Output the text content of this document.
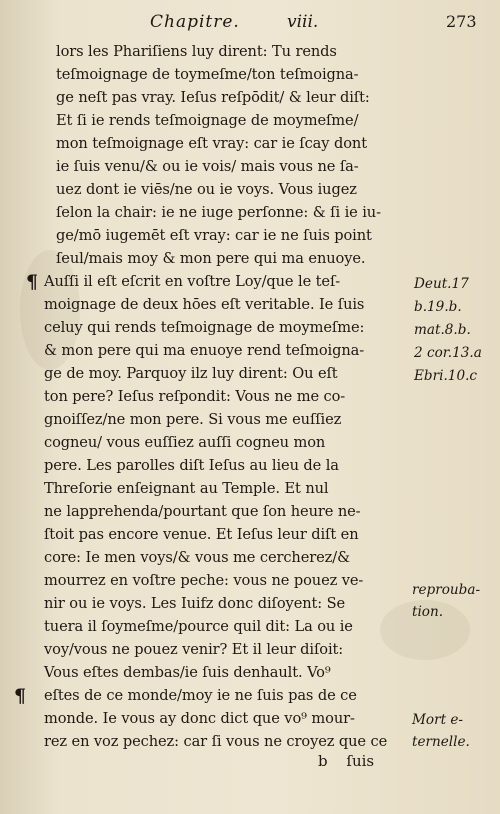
Chapitre.	viii.	273
lors les Phariſiens luy dirent: Tu rends
teſmoignage de toymeſme/ton teſmoigna-
ge neſt pas vray. Ieſus reſpōdit/ & leur diſt:
Et ſi ie rends teſmoignage de moymeſme/
mon teſmoignage eſt vray: car ie ſcay dont
ie ſuis venu/& ou ie vois/ mais vous ne ſa-
uez dont ie viēs/ne ou ie voys. Vous iugez
ſelon la chair: ie ne iuge perſonne: & ſi ie iu-
ge/mō iugemēt eſt vray: car ie ne ſuis point
ſeul/mais moy & mon pere qui ma enuoye.
¶ Auſſi il eſt eſcrit en voſtre Loy/que le teſ-
moignage de deux hōes eſt veritable. Ie ſuis
celuy qui rends teſmoignage de moymeſme:
& mon pere qui ma enuoye rend teſmoigna-
ge de moy. Parquoy ilz luy dirent: Ou eſt
ton pere? Ieſus reſpondit: Vous ne me co-
gnoiſſez/ne mon pere. Si vous me euſſiez
cogneu/ vous euſſiez auſſi cogneu mon
pere. Les parolles diſt Ieſus au lieu de la
Threſorie enſeignant au Temple. Et nul
ne lapprehenda/pourtant que ſon heure ne-
ſtoit pas encore venue. Et Ieſus leur diſt en
core: Ie men voys/& vous me cercherez/&
mourrez en voſtre peche: vous ne pouez ve-
nir ou ie voys. Les Iuifz donc diſoyent: Se
tuera il ſoymeſme/pource quil dit: La ou ie
voy/vous ne pouez venir? Et il leur diſoit:
Vous eſtes dembas/ie ſuis denhault. Vo⁹
¶ eſtes de ce monde/moy ie ne ſuis pas de ce
monde. Ie vous ay donc dict que vo⁹ mour-
rez en voz pechez: car ſi vous ne croyez que ce
Deut.17
b.19.b.
mat.8.b.
2 cor.13.a
Ebri.10.c
reprouba-
tion.
Mort e-
ternelle.
b ſuis
